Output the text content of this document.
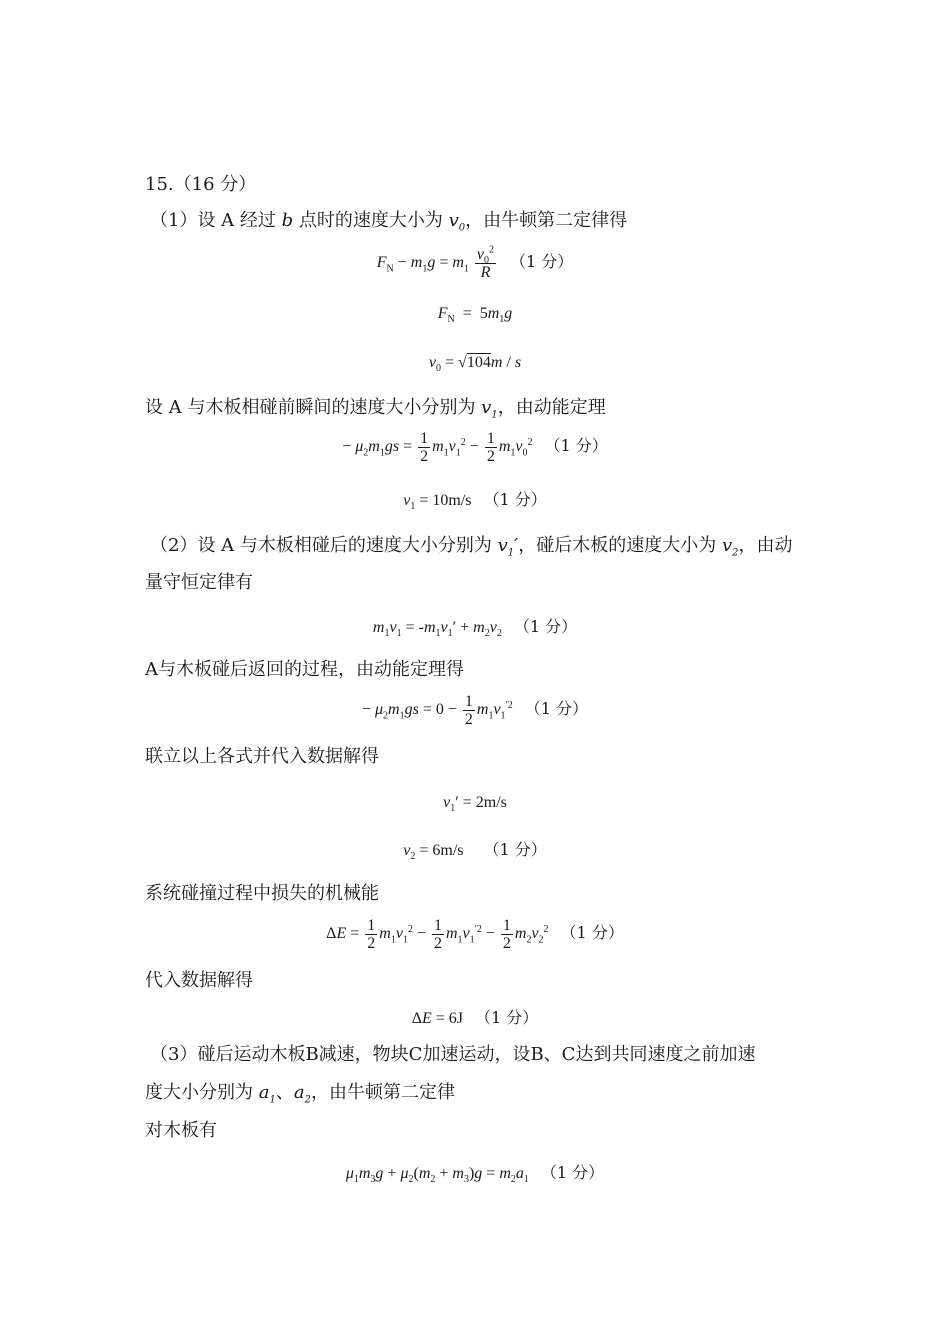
15.（16 分）
（1）设 A 经过 b 点时的速度大小为 $v_0$，由牛顿第二定律得
$F_N - m_1g = m_1 \frac{v_0^2}{R} (1$ 分）
$F_N = 5m_1g$
$v_0 = √104m / s$
设 A 与木板相碰前瞬间的速度大小分别为 $v_1$，由动能定理
− $\mu_2m_1gs = \frac{1}{2} m_1v_1^2 - \frac{1}{2} m_1v_0^2$ （1 分）
$v_1 = 10m/s$ （1 分）
（2）设 A 与木板相碰后的速度大小分别为 $v_1'$，碰后木板的速度大小为 $v_2$，由动
量守恒定律有
$m_1v_1 = -m_1v_1' + m_2v_2$ （1 分）
A与木板碰后返回的过程，由动能定理得
− $\mu_2m_1gs = 0 - \frac{1}{2} m_1v_1^{'2}$ （1 分）
联立以上各式并代入数据解得
$v_1' = 2m/s$
$v_2 = 6m/s$   （1 分）
系统碰撞过程中损失的机械能
$\Delta E = \frac{1}{2} m_1v_1^2 - \frac{1}{2} m_1v_1^{'2} - \frac{1}{2} m_2v_2^2$ （1 分）
代入数据解得
ΔE = 6J （1 分）
（3）碰后运动木板B减速，物块C加速运动，设B、C达到共同速度之前加速
度大小分别为 $a_1$、$a_2$，由牛顿第二定律
对木板有
$\mu_1m_3g + \mu_2(m_2 + m_3)g = m_2a_1$ （1 分）
